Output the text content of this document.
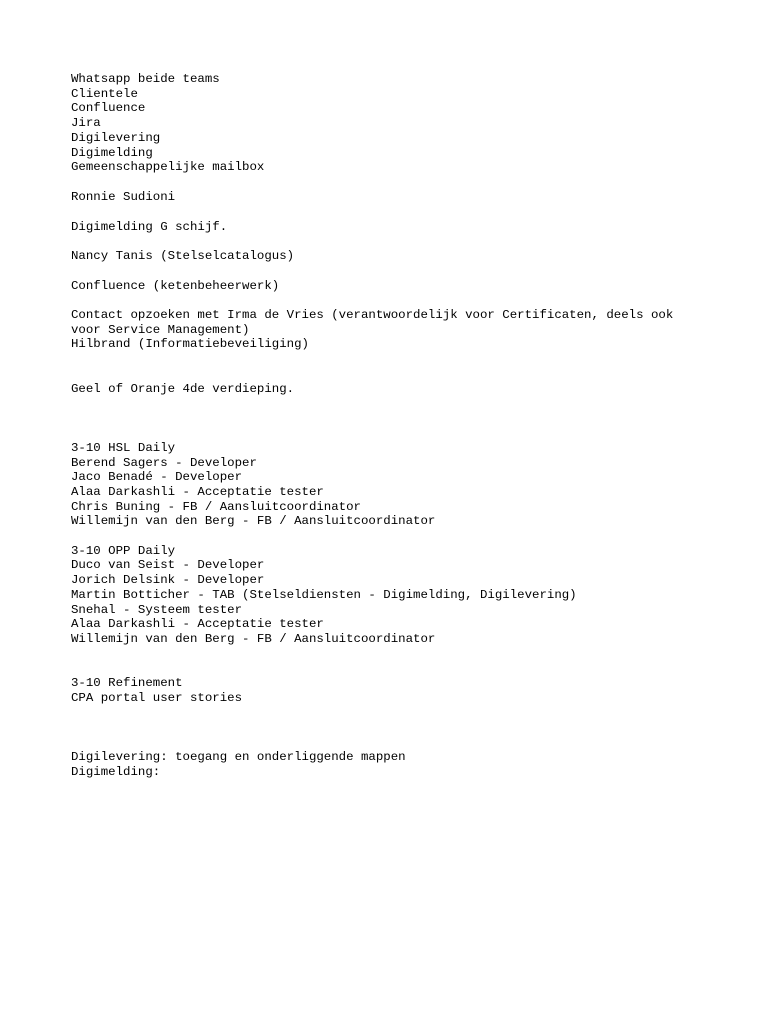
Whatsapp beide teams
Clientele
Confluence
Jira
Digilevering
Digimelding
Gemeenschappelijke mailbox
Ronnie Sudioni
Digimelding G schijf.
Nancy Tanis (Stelselcatalogus)
Confluence (ketenbeheerwerk)
Contact opzoeken met Irma de Vries (verantwoordelijk voor Certificaten, deels ook
voor Service Management)
Hilbrand (Informatiebeveiliging)
Geel of Oranje 4de verdieping.
3-10 HSL Daily
Berend Sagers - Developer
Jaco Benadé - Developer
Alaa Darkashli - Acceptatie tester
Chris Buning - FB / Aansluitcoordinator
Willemijn van den Berg - FB / Aansluitcoordinator
3-10 OPP Daily
Duco van Seist - Developer
Jorich Delsink - Developer
Martin Botticher - TAB (Stelseldiensten - Digimelding, Digilevering)
Snehal - Systeem tester
Alaa Darkashli - Acceptatie tester
Willemijn van den Berg - FB / Aansluitcoordinator
3-10 Refinement
CPA portal user stories
Digilevering: toegang en onderliggende mappen
Digimelding:
